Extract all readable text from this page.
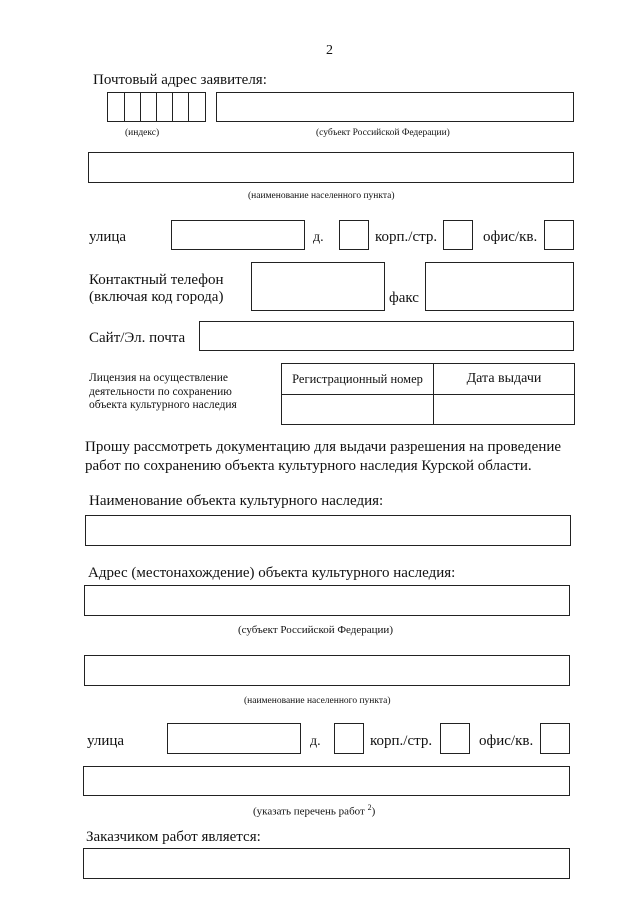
2
Почтовый адрес заявителя:
(индекс)	(субъект Российской Федерации)
(наименование населенного пункта)
улица	д.	корп./стр.	офис/кв.
Контактный телефон
(включая код города)	факс
Сайт/Эл. почта
Лицензия на осуществление
деятельности по сохранению
объекта культурного наследия
Регистрационный номер	Дата выдачи

Прошу рассмотреть документацию для выдачи разрешения на проведение
работ по сохранению объекта культурного наследия Курской области.
Наименование объекта культурного наследия:
Адрес (местонахождение) объекта культурного наследия:
(субъект Российской Федерации)
(наименование населенного пункта)
улица	д.	корп./стр.	офис/кв.
(указать перечень работ $^2$)
Заказчиком работ является:
